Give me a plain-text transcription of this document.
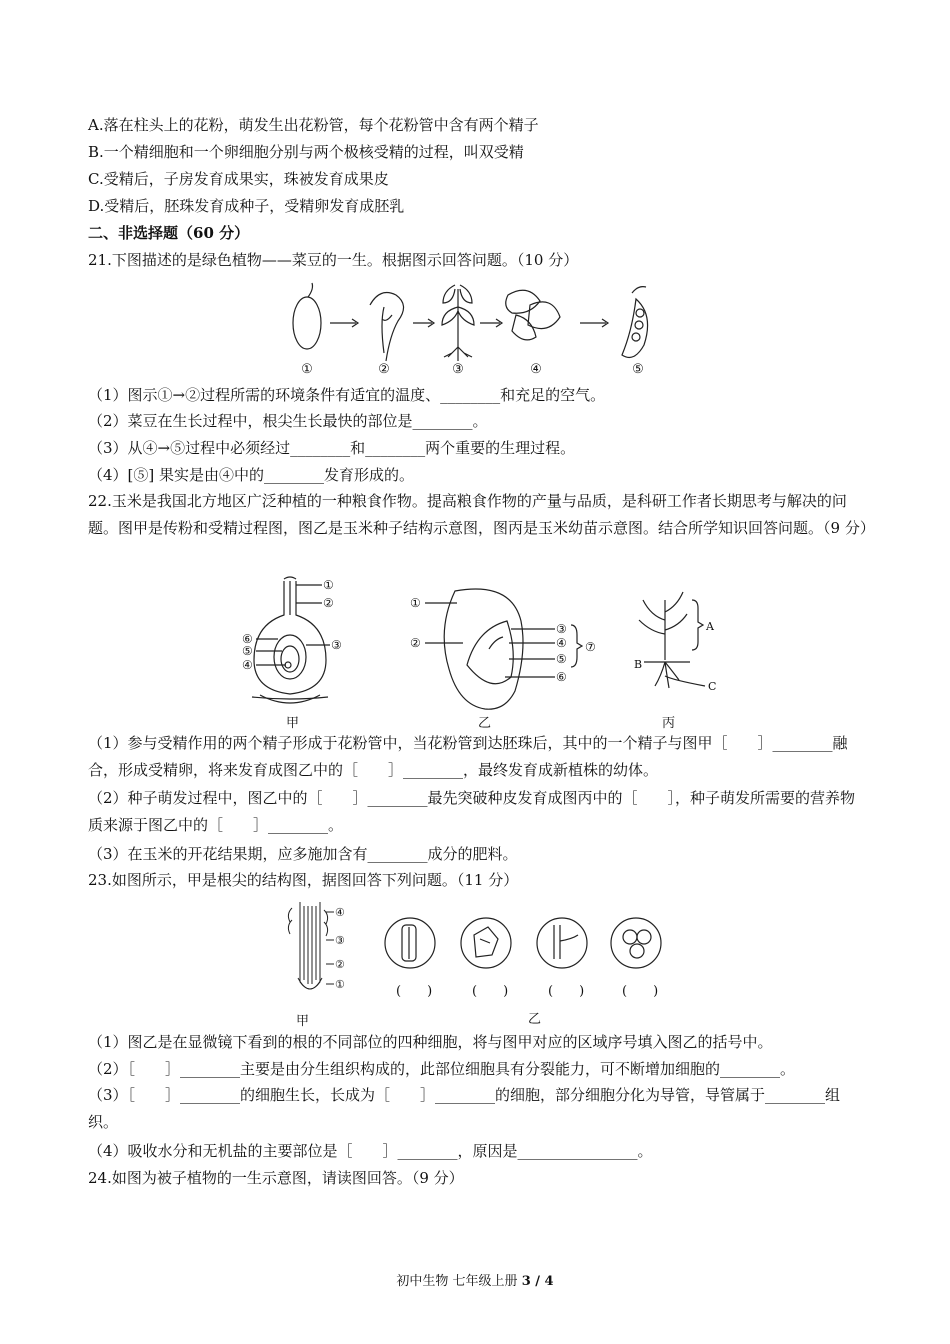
A.落在柱头上的花粉，萌发生出花粉管，每个花粉管中含有两个精子
B.一个精细胞和一个卵细胞分别与两个极核受精的过程，叫双受精
C.受精后，子房发育成果实，珠被发育成果皮
D.受精后，胚珠发育成种子，受精卵发育成胚乳
二、非选择题（60 分）
21.下图描述的是绿色植物——菜豆的一生。根据图示回答问题。（10 分）
①	②	③	④	⑤
（1）图示①→②过程所需的环境条件有适宜的温度、________和充足的空气。
（2）菜豆在生长过程中，根尖生长最快的部位是________。
（3）从④→⑤过程中必须经过________和________两个重要的生理过程。
（4）[⑤] 果实是由④中的________发育形成的。
22.玉米是我国北方地区广泛种植的一种粮食作物。提高粮食作物的产量与品质，是科研工作者长期思考与解决的问题。图甲是传粉和受精过程图，图乙是玉米种子结构示意图，图丙是玉米幼苗示意图。结合所学知识回答问题。（9 分）
①
②
③
⑥
⑤
④
甲
①
②
③
④
⑤
⑥
⑦
乙
A
B
C
丙
（1）参与受精作用的两个精子形成于花粉管中，当花粉管到达胚珠后，其中的一个精子与图甲［　　］________融合，形成受精卵，将来发育成图乙中的［　　］________，最终发育成新植株的幼体。
（2）种子萌发过程中，图乙中的［　　］________最先突破种皮发育成图丙中的［　　］，种子萌发所需要的营养物质来源于图乙中的［　　］________。
（3）在玉米的开花结果期，应多施加含有________成分的肥料。
23.如图所示，甲是根尖的结构图，据图回答下列问题。（11 分）
④
③
②
①
甲
(　　)	(　　)	(　　)	(　　)
乙
（1）图乙是在显微镜下看到的根的不同部位的四种细胞，将与图甲对应的区域序号填入图乙的括号中。
（2）［　　］________主要是由分生组织构成的，此部位细胞具有分裂能力，可不断增加细胞的________。
（3）［　　］________的细胞生长，长成为［　　］________的细胞，部分细胞分化为导管，导管属于________组织。
（4）吸收水分和无机盐的主要部位是［　　］________，原因是________________。
24.如图为被子植物的一生示意图，请读图回答。（9 分）
初中生物 七年级上册 3 / 4
